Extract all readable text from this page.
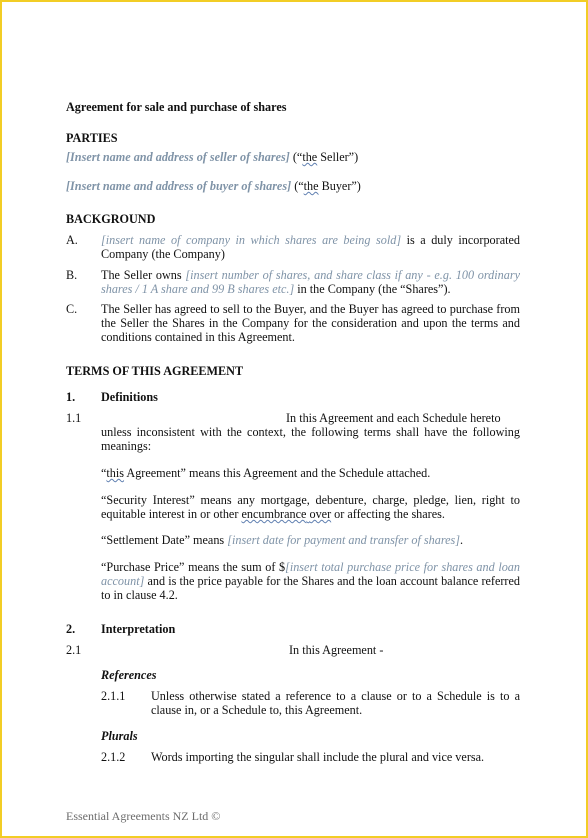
Agreement for sale and purchase of shares
PARTIES
[Insert name and address of seller of shares] (“the Seller”)
[Insert name and address of buyer of shares] (“the Buyer”)
BACKGROUND
A. [insert name of company in which shares are being sold] is a duly incorporated Company (the Company)
B. The Seller owns [insert number of shares, and share class if any - e.g. 100 ordinary shares / 1 A share and 99 B shares etc.] in the Company (the “Shares”).
C. The Seller has agreed to sell to the Buyer, and the Buyer has agreed to purchase from the Seller the Shares in the Company for the consideration and upon the terms and conditions contained in this Agreement.
TERMS OF THIS AGREEMENT
1. Definitions
1.1	In this Agreement and each Schedule hereto
unless inconsistent with the context, the following terms shall have the following meanings:
“this Agreement” means this Agreement and the Schedule attached.
“Security Interest” means any mortgage, debenture, charge, pledge, lien, right to equitable interest in or other encumbrance over or affecting the shares.
“Settlement Date” means [insert date for payment and transfer of shares].
“Purchase Price” means the sum of $[insert total purchase price for shares and loan account] and is the price payable for the Shares and the loan account balance referred to in clause 4.2.
2. Interpretation
2.1	In this Agreement -
References
2.1.1 Unless otherwise stated a reference to a clause or to a Schedule is to a clause in, or a Schedule to, this Agreement.
Plurals
2.1.2 Words importing the singular shall include the plural and vice versa.
Essential Agreements NZ Ltd ©
